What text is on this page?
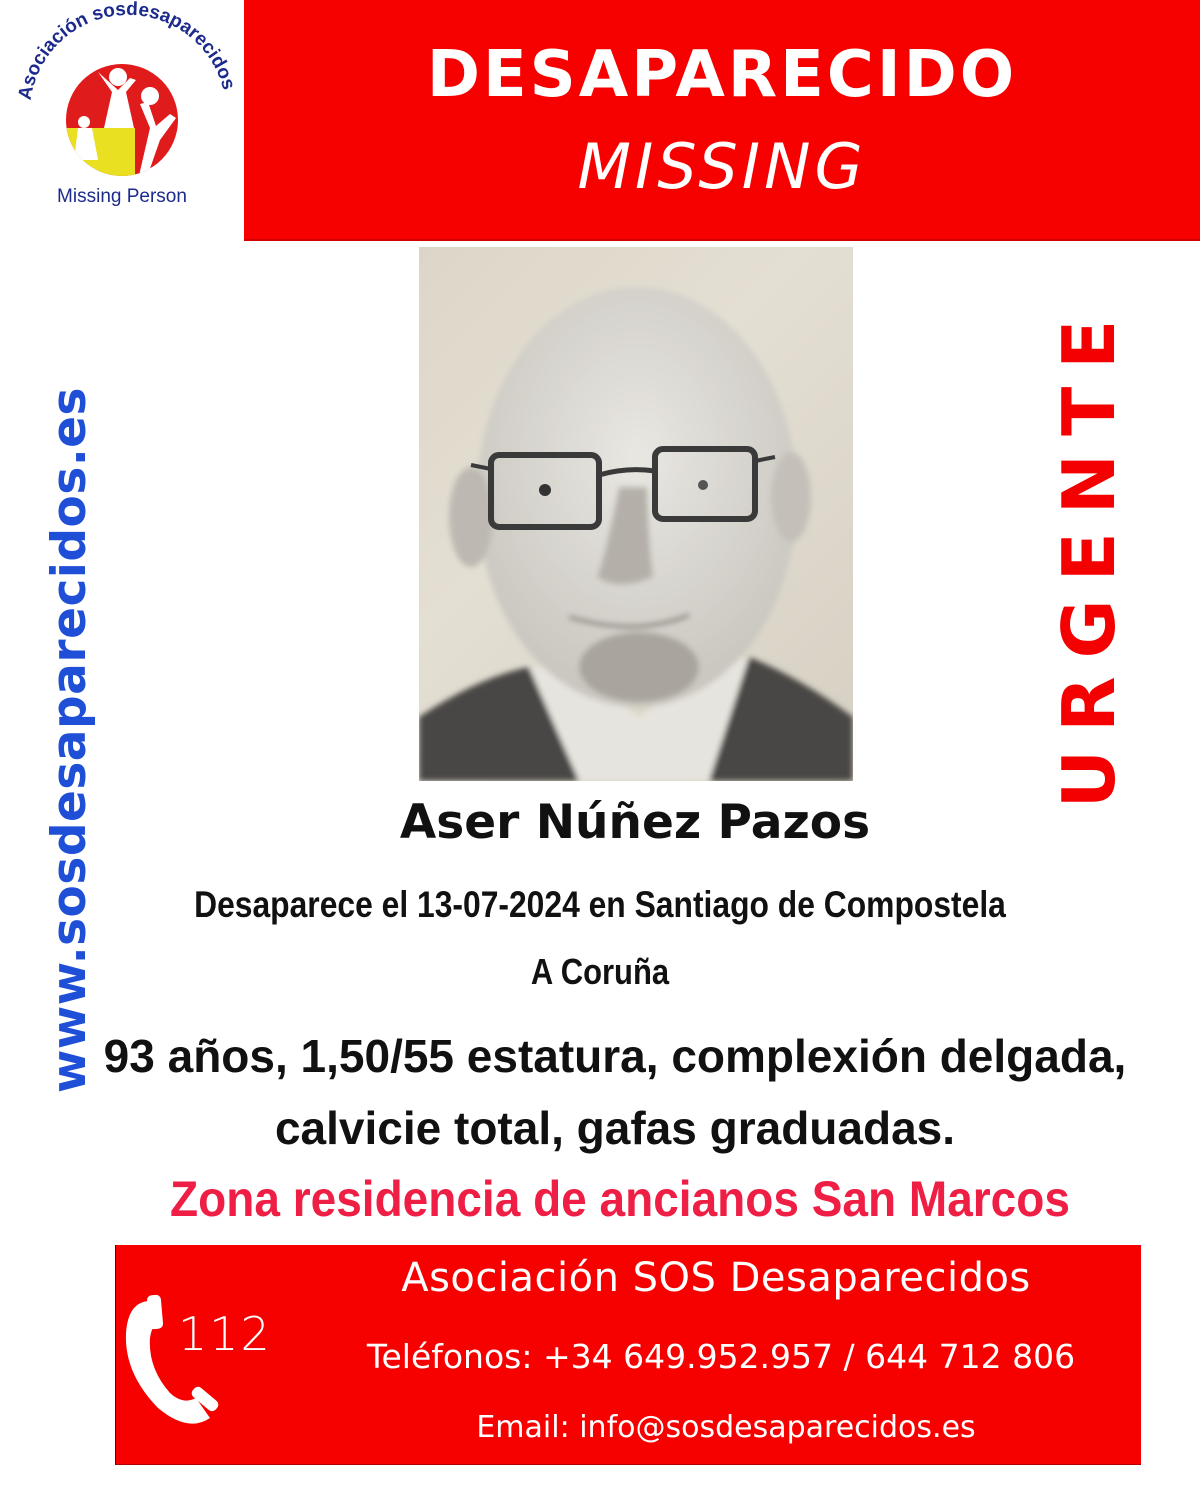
Asociación sosdesaparecidos
Missing Person
DESAPARECIDO
MISSING
www.sosdesaparecidos.es	URGENTE
Aser Núñez Pazos
Desaparece el 13-07-2024 en Santiago de Compostela
A Coruña
93 años, 1,50/55 estatura, complexión delgada, calvicie total, gafas graduadas.
Zona residencia de ancianos San Marcos
112
Asociación SOS Desaparecidos
Teléfonos: +34 649.952.957 / 644 712 806
Email: info@sosdesaparecidos.es
